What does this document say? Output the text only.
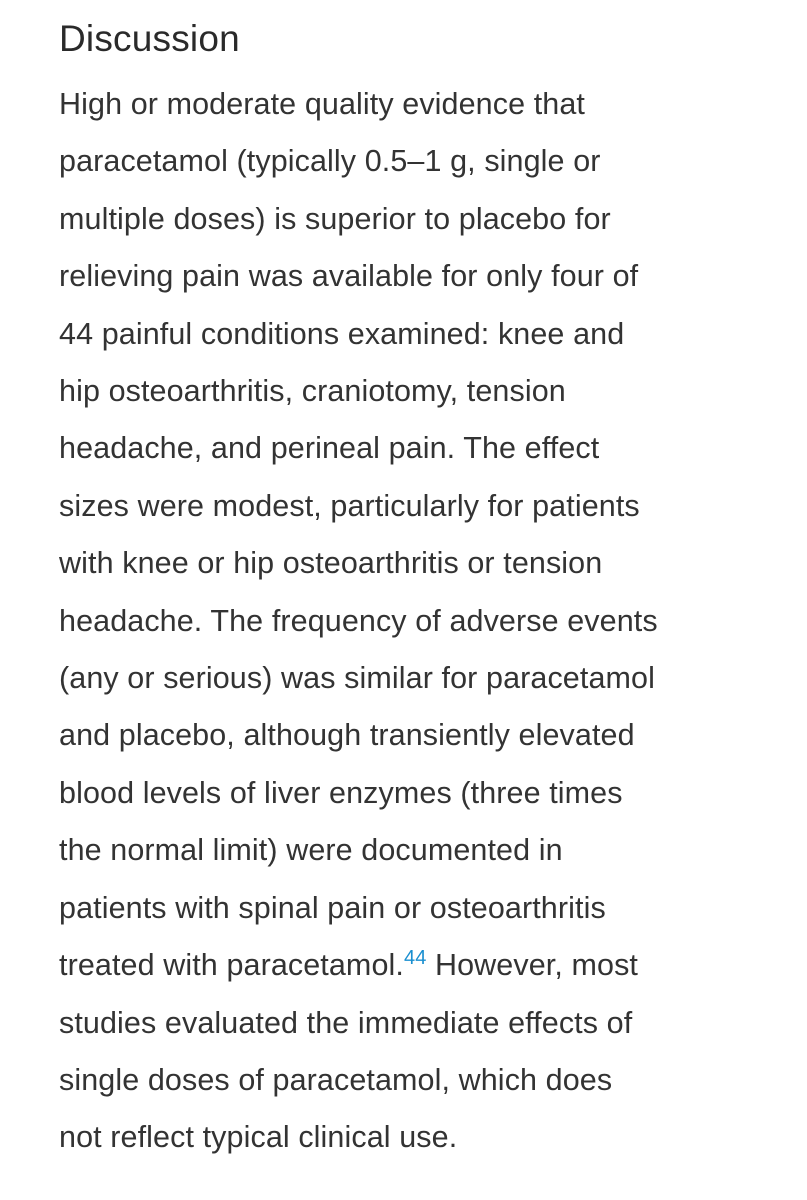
Discussion

High or moderate quality evidence that
paracetamol (typically 0.5–1 g, single or
multiple doses) is superior to placebo for
relieving pain was available for only four of
44 painful conditions examined: knee and
hip osteoarthritis, craniotomy, tension
headache, and perineal pain. The effect
sizes were modest, particularly for patients
with knee or hip osteoarthritis or tension
headache. The frequency of adverse events
(any or serious) was similar for paracetamol
and placebo, although transiently elevated
blood levels of liver enzymes (three times
the normal limit) were documented in
patients with spinal pain or osteoarthritis
treated with paracetamol.$^{44}$ However, most
studies evaluated the immediate effects of
single doses of paracetamol, which does
not reflect typical clinical use.
